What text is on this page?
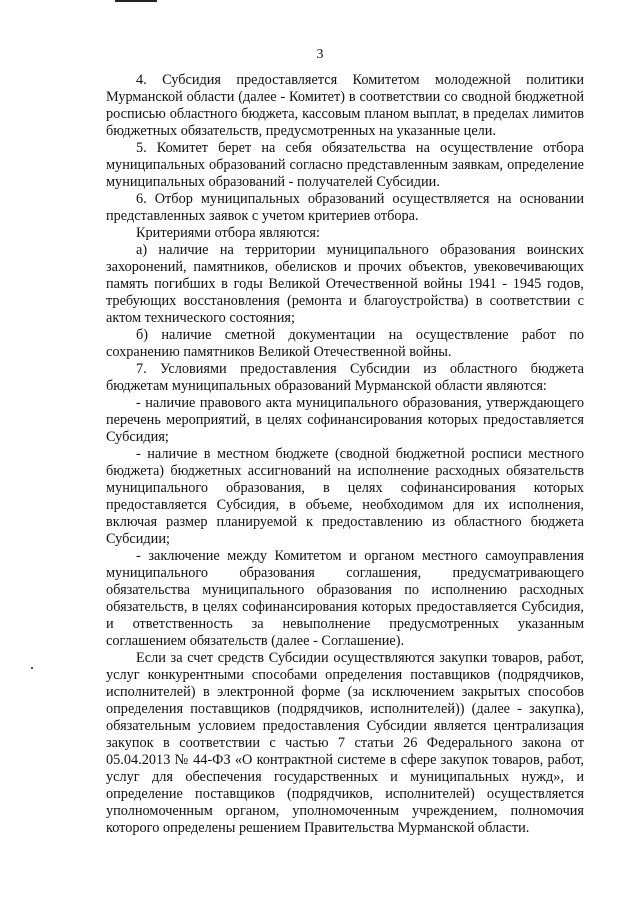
3

4. Субсидия предоставляется Комитетом молодежной политики Мурманской области (далее - Комитет) в соответствии со сводной бюджетной росписью областного бюджета, кассовым планом выплат, в пределах лимитов бюджетных обязательств, предусмотренных на указанные цели.

5. Комитет берет на себя обязательства на осуществление отбора муниципальных образований согласно представленным заявкам, определение муниципальных образований - получателей Субсидии.

6. Отбор муниципальных образований осуществляется на основании представленных заявок с учетом критериев отбора.

Критериями отбора являются:

а) наличие на территории муниципального образования воинских захоронений, памятников, обелисков и прочих объектов, увековечивающих память погибших в годы Великой Отечественной войны 1941 - 1945 годов, требующих восстановления (ремонта и благоустройства) в соответствии с актом технического состояния;

б) наличие сметной документации на осуществление работ по сохранению памятников Великой Отечественной войны.

7. Условиями предоставления Субсидии из областного бюджета бюджетам муниципальных образований Мурманской области являются:

- наличие правового акта муниципального образования, утверждающего перечень мероприятий, в целях софинансирования которых предоставляется Субсидия;

- наличие в местном бюджете (сводной бюджетной росписи местного бюджета) бюджетных ассигнований на исполнение расходных обязательств муниципального образования, в целях софинансирования которых предоставляется Субсидия, в объеме, необходимом для их исполнения, включая размер планируемой к предоставлению из областного бюджета Субсидии;

- заключение между Комитетом и органом местного самоуправления муниципального образования соглашения, предусматривающего обязательства муниципального образования по исполнению расходных обязательств, в целях софинансирования которых предоставляется Субсидия, и ответственность за невыполнение предусмотренных указанным соглашением обязательств (далее - Соглашение).

Если за счет средств Субсидии осуществляются закупки товаров, работ, услуг конкурентными способами определения поставщиков (подрядчиков, исполнителей) в электронной форме (за исключением закрытых способов определения поставщиков (подрядчиков, исполнителей)) (далее - закупка), обязательным условием предоставления Субсидии является централизация закупок в соответствии с частью 7 статьи 26 Федерального закона от 05.04.2013 № 44-ФЗ «О контрактной системе в сфере закупок товаров, работ, услуг для обеспечения государственных и муниципальных нужд», и определение поставщиков (подрядчиков, исполнителей) осуществляется уполномоченным органом, уполномоченным учреждением, полномочия которого определены решением Правительства Мурманской области.
